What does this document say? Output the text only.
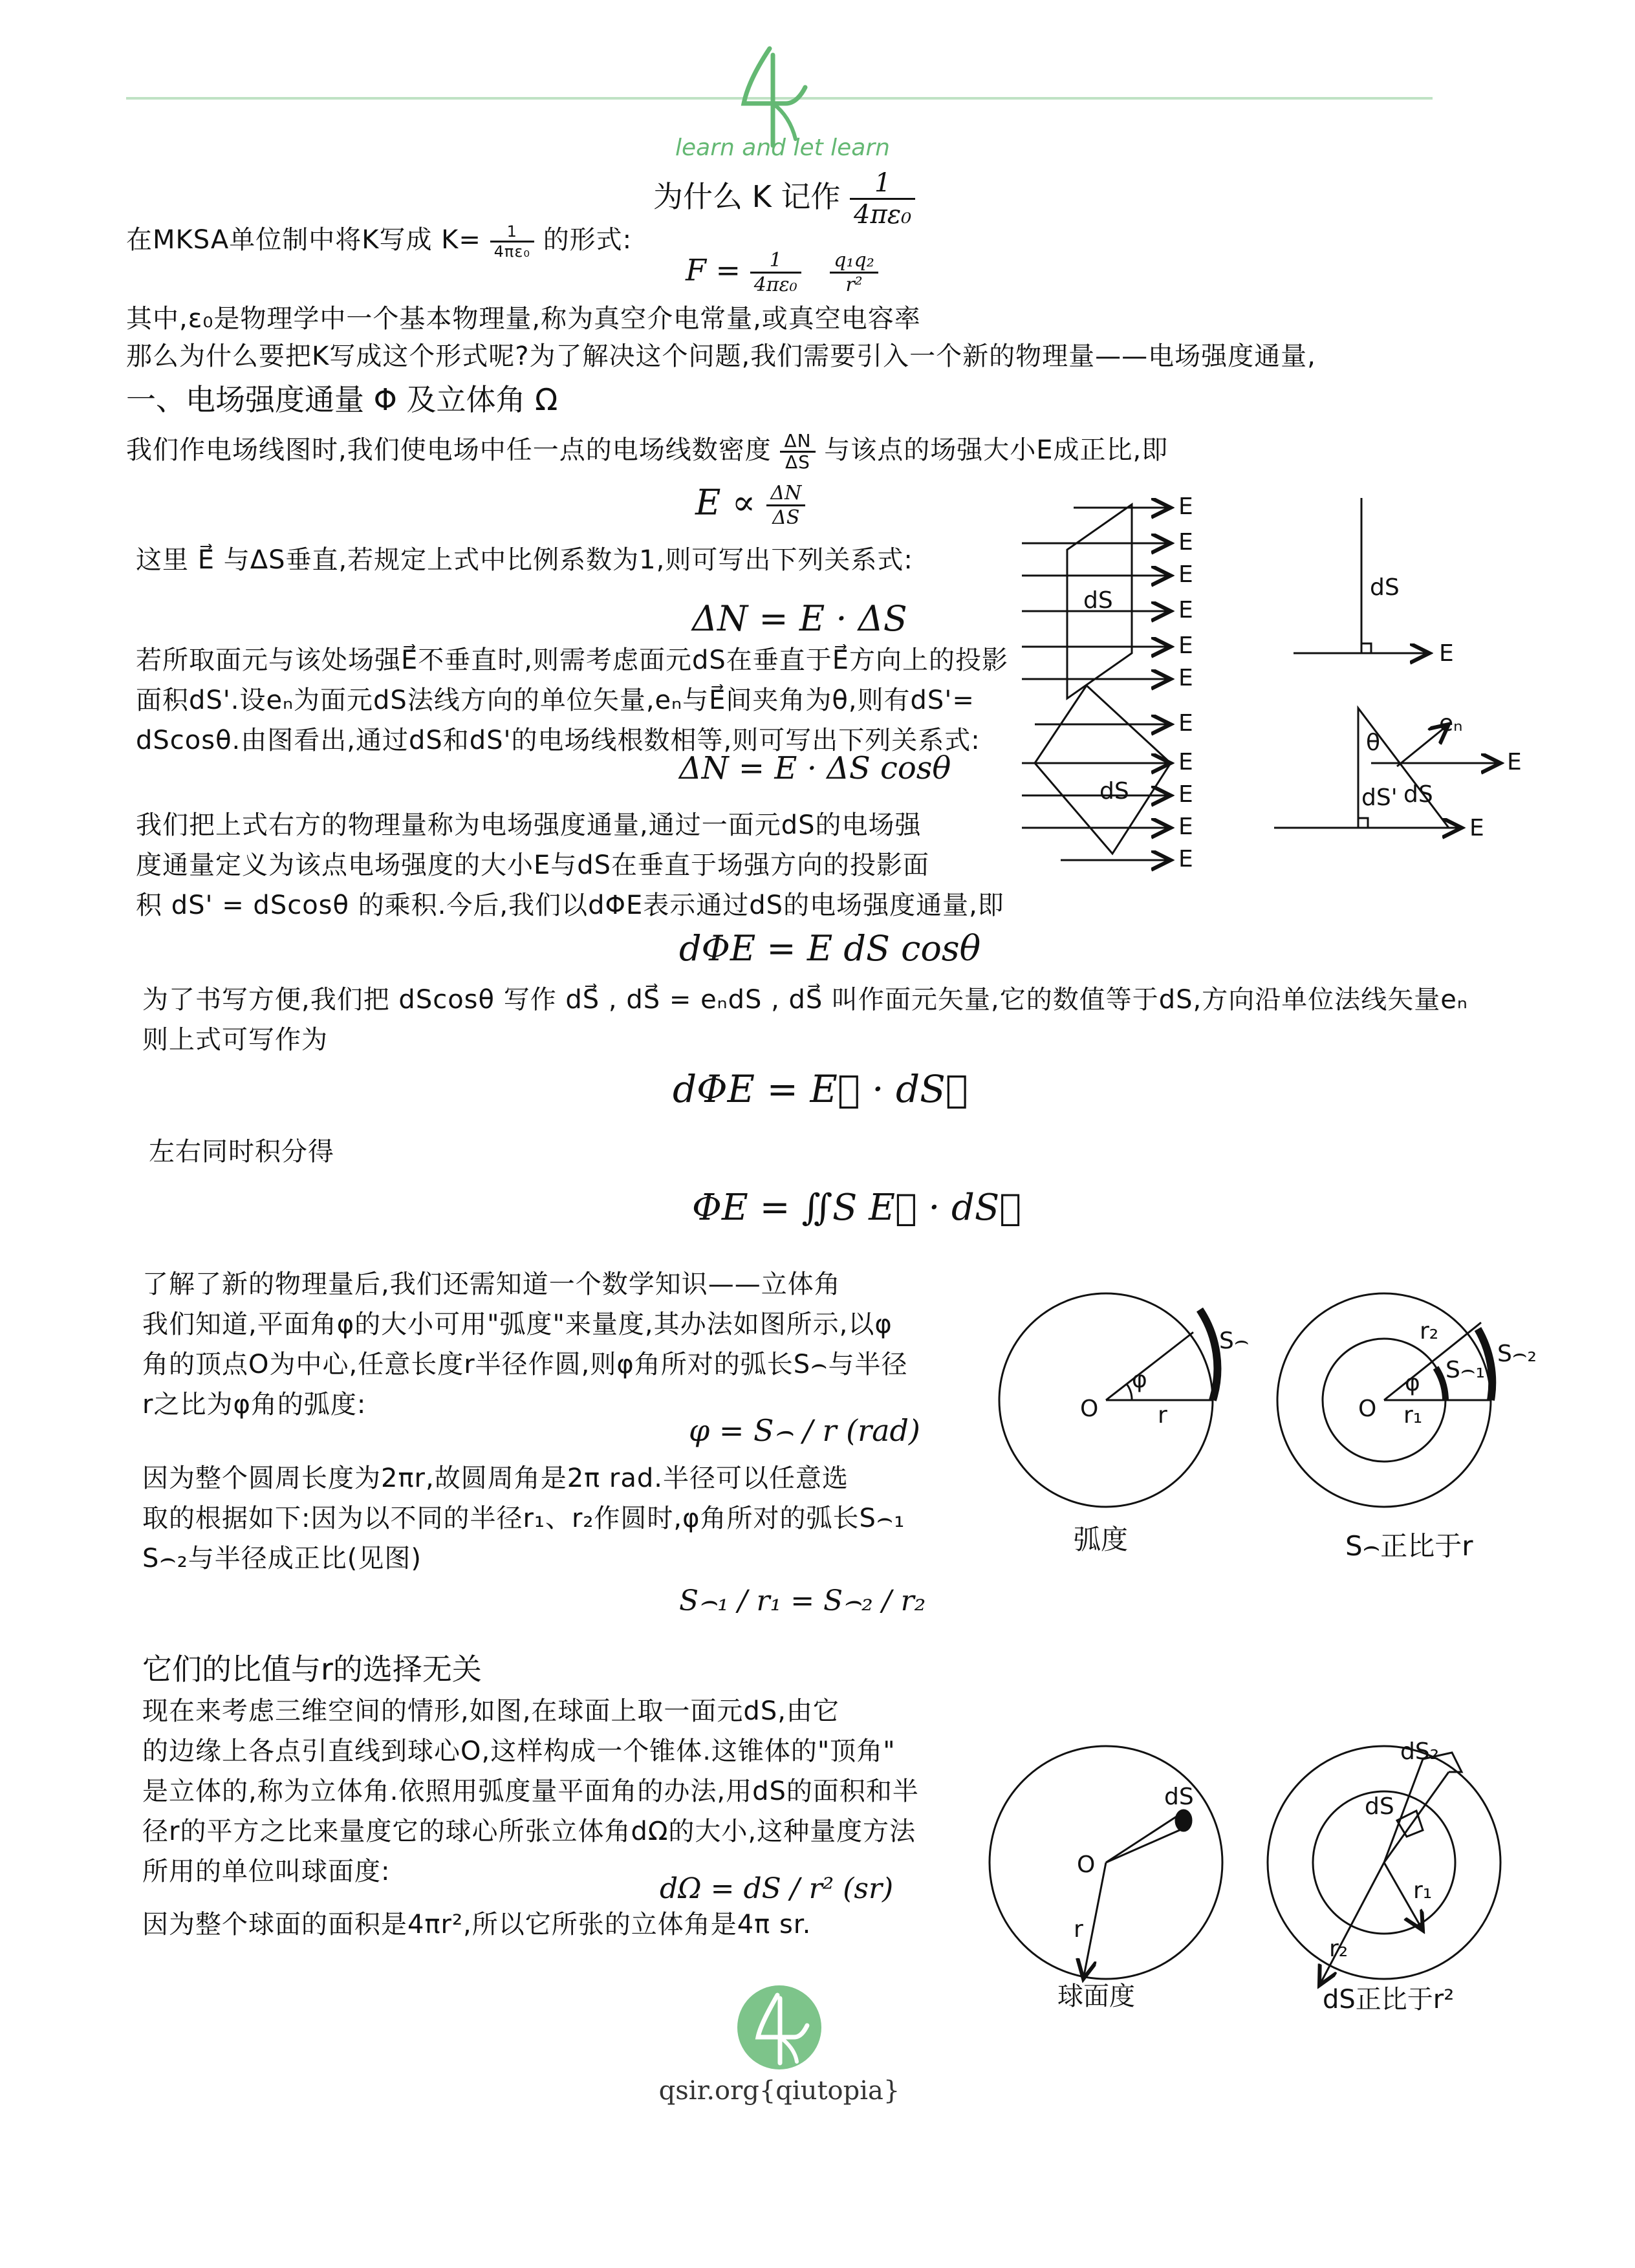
learn and let learn
为什么 K 记作 $\frac{1}{\text{4πε₀}}$
在MKSA单位制中将K写成 $K= \frac{1}{\text{4πε₀}}$ 的形式:
$F = \frac{1}{\text{4πε₀}}$
$\frac{\text{q₁q₂}}{\text{r²}}$
其中,ε₀是物理学中一个基本物理量,称为真空介电常量,或真空电容率
那么为什么要把K写成这个形式呢?为了解决这个问题,我们需要引入一个新的物理量——电场强度通量,
一、电场强度通量 Φ 及立体角 Ω
我们作电场线图时,我们使电场中任一点的电场线数密度 $\frac{\Delta N}{\Delta S}$ 与该点的场强大小E成正比,即
$E \propto \frac{\Delta N}{\Delta S}$
这里 E⃗ 与ΔS垂直,若规定上式中比例系数为1,则可写出下列关系式:
ΔN = E · ΔS
若所取面元与该处场强E⃗不垂直时,则需考虑面元dS在垂直于E⃗方向上的投影
面积dS'.设eₙ为面元dS法线方向的单位矢量,eₙ与E⃗间夹角为θ,则有dS'=
dScosθ.由图看出,通过dS和dS'的电场线根数相等,则可写出下列关系式:
ΔN = E · ΔS cosθ
我们把上式右方的物理量称为电场强度通量,通过一面元dS的电场强
度通量定义为该点电场强度的大小E与dS在垂直于场强方向的投影面
积 dS' = dScosθ 的乘积.今后,我们以dΦE表示通过dS的电场强度通量,即
dΦE = E dS cosθ
为了书写方便,我们把 dScosθ 写作 dS⃗ , dS⃗ = eₙdS , dS⃗ 叫作面元矢量,它的数值等于dS,方向沿单位法线矢量eₙ
则上式可写作为
dΦE = E⃗ · dS⃗
左右同时积分得
ΦE = ∬S E⃗ · dS⃗
了解了新的物理量后,我们还需知道一个数学知识——立体角
我们知道,平面角φ的大小可用"弧度"来量度,其办法如图所示,以φ
角的顶点O为中心,任意长度r半径作圆,则φ角所对的弧长S⌢与半径
r之比为φ角的弧度:
φ = S⌢ / r (rad)
因为整个圆周长度为2πr,故圆周角是2π rad.半径可以任意选
取的根据如下:因为以不同的半径r₁、r₂作圆时,φ角所对的弧长S⌢₁
S⌢₂与半径成正比(见图)
S⌢₁ / r₁ = S⌢₂ / r₂
它们的比值与r的选择无关
现在来考虑三维空间的情形,如图,在球面上取一面元dS,由它
的边缘上各点引直线到球心O,这样构成一个锥体.这锥体的"顶角"
是立体的,称为立体角.依照用弧度量平面角的办法,用dS的面积和半
径r的平方之比来量度它的球心所张立体角dΩ的大小,这种量度方法
所用的单位叫球面度:
dΩ = dS / r² (sr)
因为整个球面的面积是4πr²,所以它所张的立体角是4π sr.
E
E
E
E
E
E
dS
E
E
E
E
E
dS
dS
E
θ
dS' dS
eₙ
E
E
O	r
φ
S⌢
O r₁
φ
r₂
S⌢₁
S⌢₂
弧度	S⌢正比于r
dS
O
r
dS₂
dS
r₁
r₂
球面度	dS正比于r²
qsir.org{qiutopia}
